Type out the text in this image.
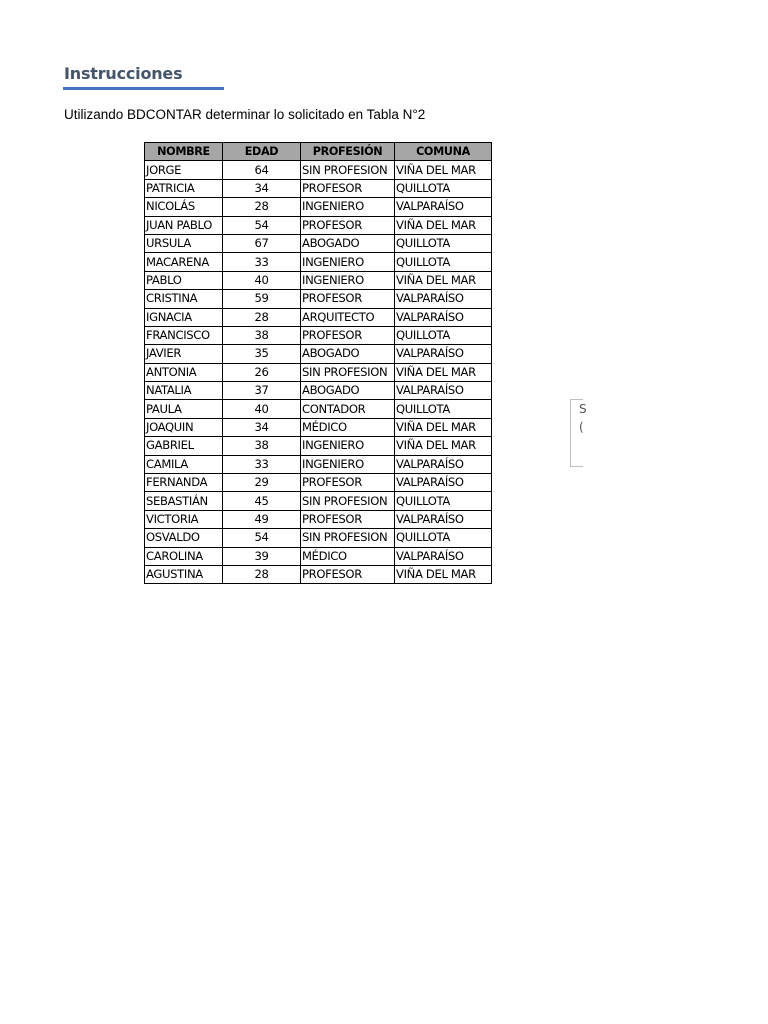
Instrucciones

Utilizando BDCONTAR determinar lo solicitado en Tabla N°2

NOMBRE	EDAD	PROFESIÓN	COMUNA
JORGE	64	SIN PROFESION	VIÑA DEL MAR
PATRICIA	34	PROFESOR	QUILLOTA
NICOLÁS	28	INGENIERO	VALPARAÍSO
JUAN PABLO	54	PROFESOR	VIÑA DEL MAR
URSULA	67	ABOGADO	QUILLOTA
MACARENA	33	INGENIERO	QUILLOTA
PABLO	40	INGENIERO	VIÑA DEL MAR
CRISTINA	59	PROFESOR	VALPARAÍSO
IGNACIA	28	ARQUITECTO	VALPARAÍSO
FRANCISCO	38	PROFESOR	QUILLOTA
JAVIER	35	ABOGADO	VALPARAÍSO
ANTONIA	26	SIN PROFESION	VIÑA DEL MAR
NATALIA	37	ABOGADO	VALPARAÍSO
PAULA	40	CONTADOR	QUILLOTA
JOAQUIN	34	MÉDICO	VIÑA DEL MAR
GABRIEL	38	INGENIERO	VIÑA DEL MAR
CAMILA	33	INGENIERO	VALPARAÍSO
FERNANDA	29	PROFESOR	VALPARAÍSO
SEBASTIÁN	45	SIN PROFESION	QUILLOTA
VICTORIA	49	PROFESOR	VALPARAÍSO
OSVALDO	54	SIN PROFESION	QUILLOTA
CAROLINA	39	MÉDICO	VALPARAÍSO
AGUSTINA	28	PROFESOR	VIÑA DEL MAR
S
(
